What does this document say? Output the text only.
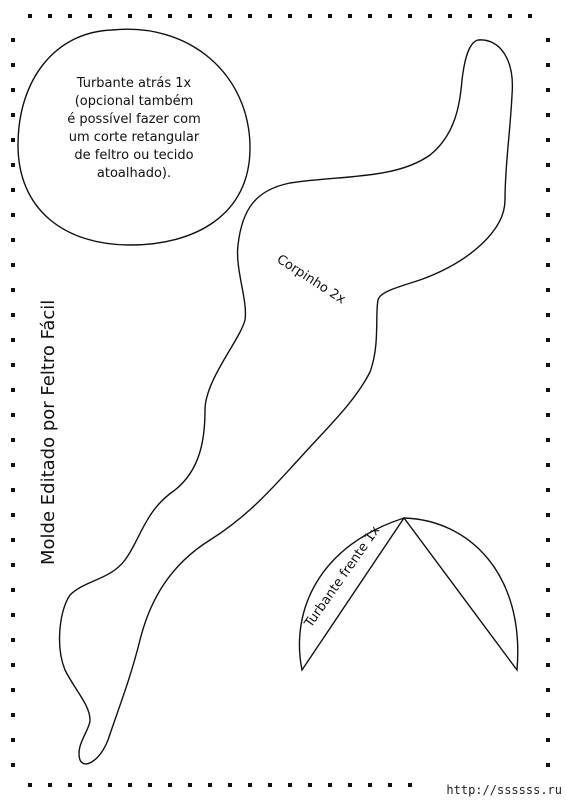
Turbante atrás 1x
(opcional também
é possível fazer com
um corte retangular
de feltro ou tecido
atoalhado).
Corpinho 2x
Turbante frente 1x
Molde Editado por Feltro Fácil
http://ssssss.ru
